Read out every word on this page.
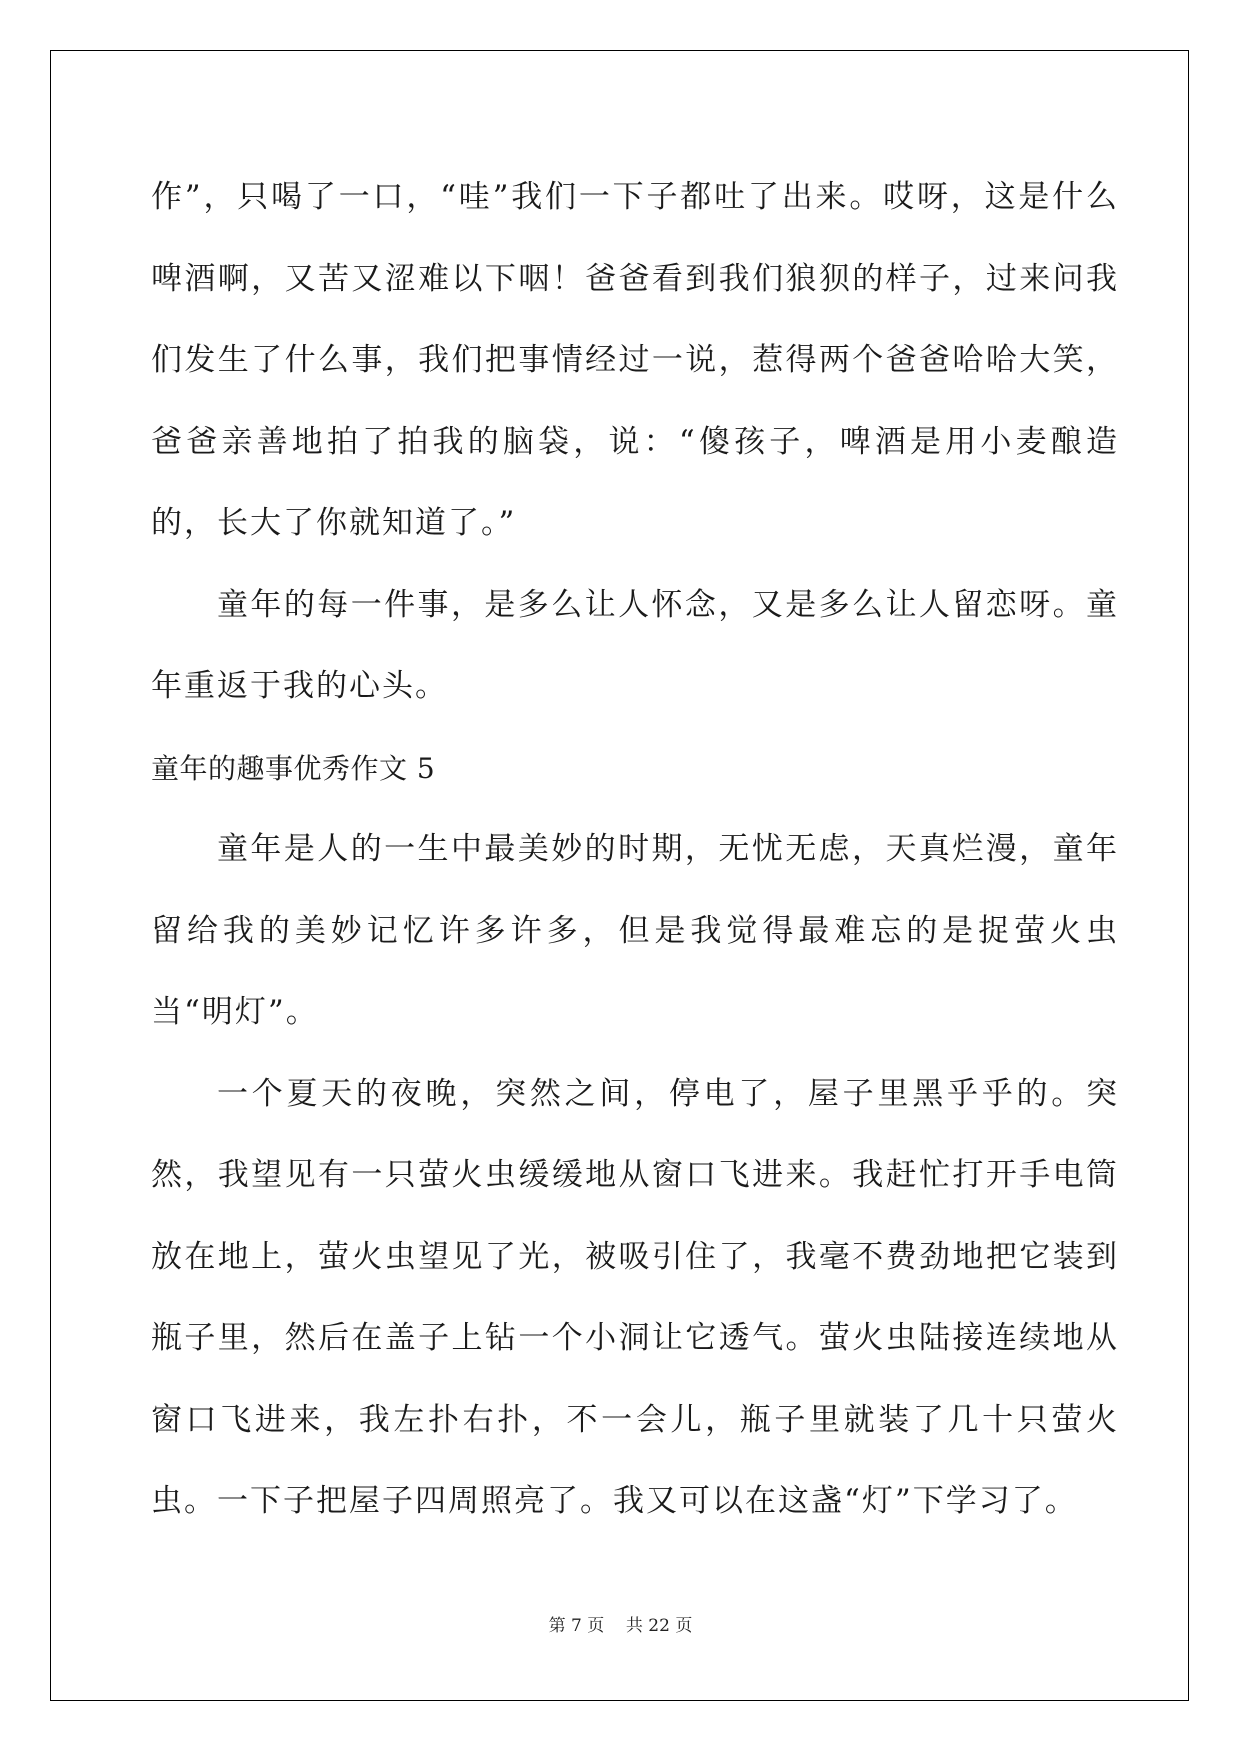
作”，只喝了一口，“哇”我们一下子都吐了出来。哎呀，这是什么啤酒啊，又苦又涩难以下咽！爸爸看到我们狼狈的样子，过来问我们发生了什么事，我们把事情经过一说，惹得两个爸爸哈哈大笑，爸爸亲善地拍了拍我的脑袋，说：“傻孩子，啤酒是用小麦酿造的，长大了你就知道了。”

童年的每一件事，是多么让人怀念，又是多么让人留恋呀。童年重返于我的心头。

童年的趣事优秀作文 5

童年是人的一生中最美妙的时期，无忧无虑，天真烂漫，童年留给我的美妙记忆许多许多，但是我觉得最难忘的是捉萤火虫当“明灯”。

一个夏天的夜晚，突然之间，停电了，屋子里黑乎乎的。突然，我望见有一只萤火虫缓缓地从窗口飞进来。我赶忙打开手电筒放在地上，萤火虫望见了光，被吸引住了，我毫不费劲地把它装到瓶子里，然后在盖子上钻一个小洞让它透气。萤火虫陆接连续地从窗口飞进来，我左扑右扑，不一会儿，瓶子里就装了几十只萤火虫。一下子把屋子四周照亮了。我又可以在这盏“灯”下学习了。

第 7 页 共 22 页
